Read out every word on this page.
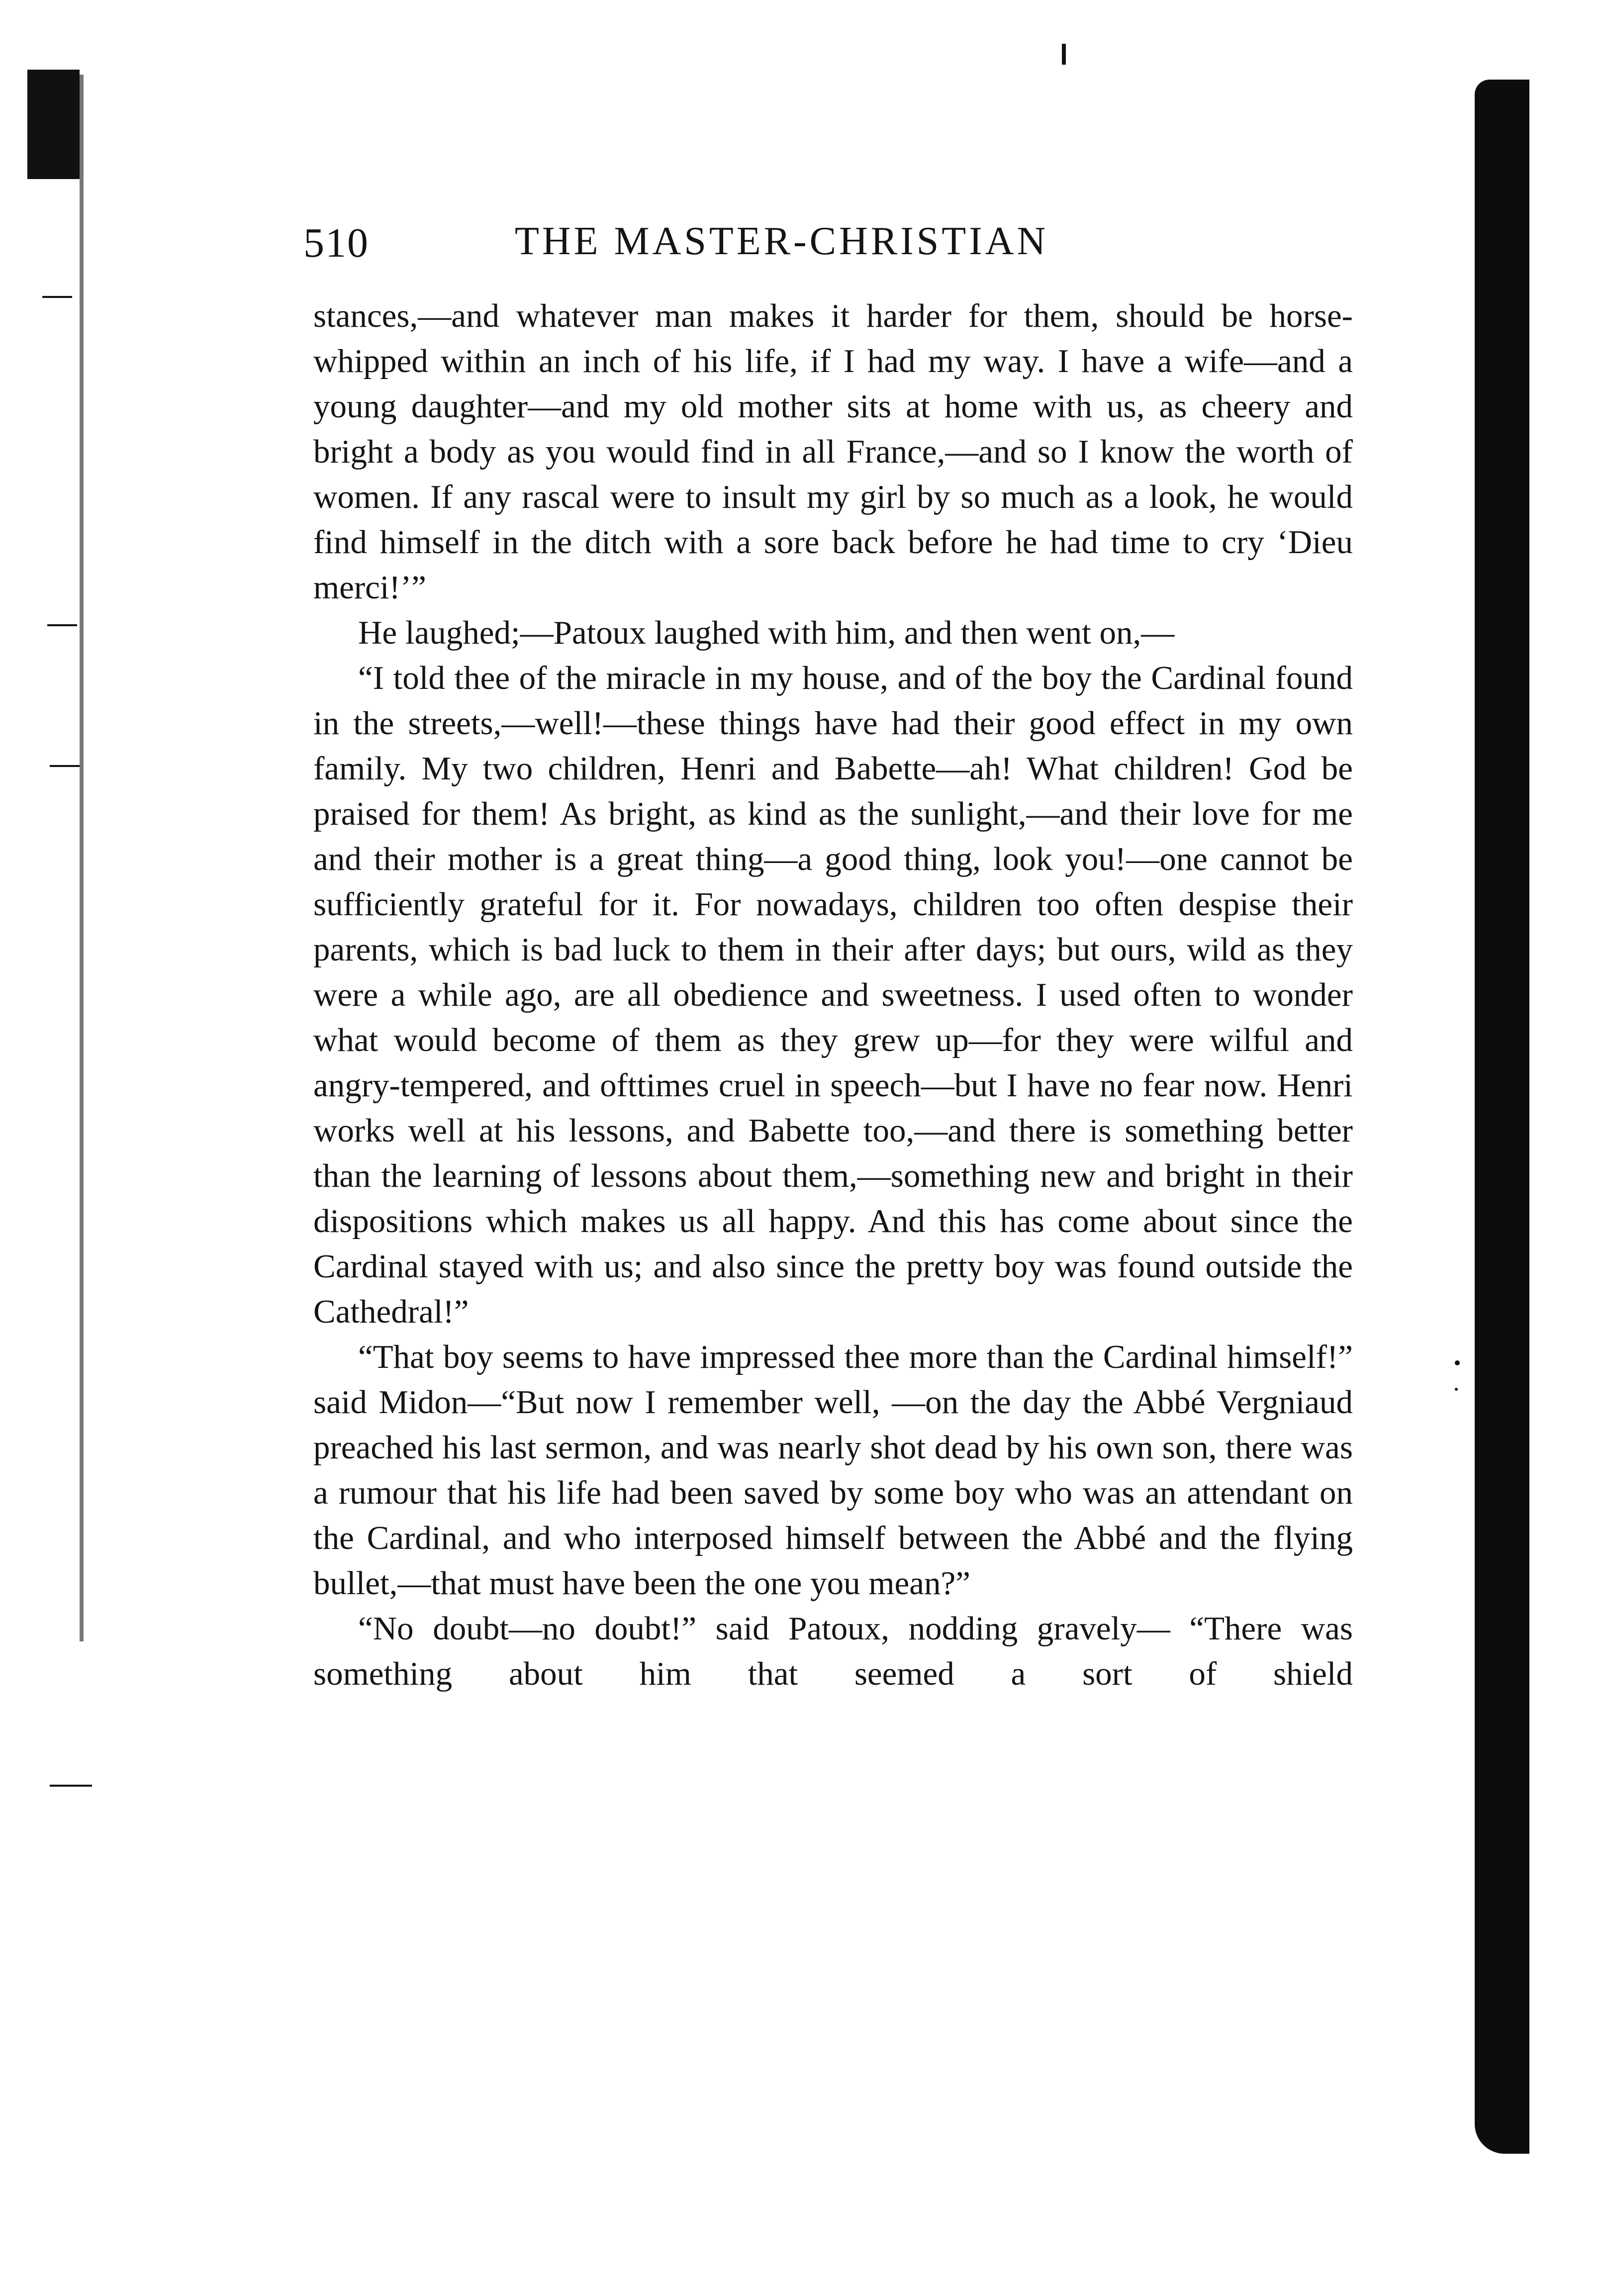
510	THE MASTER-CHRISTIAN

stances,—and whatever man makes it harder for them, should be horse-whipped within an inch of his life, if I had my way. I have a wife—and a young daughter—and my old mother sits at home with us, as cheery and bright a body as you would find in all France,—and so I know the worth of women. If any rascal were to insult my girl by so much as a look, he would find himself in the ditch with a sore back before he had time to cry ‘Dieu merci!’”

He laughed;—Patoux laughed with him, and then went on,—

“I told thee of the miracle in my house, and of the boy the Cardinal found in the streets,—well!—these things have had their good effect in my own family. My two children, Henri and Babette—ah! What children! God be praised for them! As bright, as kind as the sunlight,—and their love for me and their mother is a great thing—a good thing, look you!—one cannot be sufficiently grateful for it. For nowadays, children too often despise their parents, which is bad luck to them in their after days; but ours, wild as they were a while ago, are all obedience and sweetness. I used often to wonder what would become of them as they grew up—for they were wilful and angry-tempered, and ofttimes cruel in speech—but I have no fear now. Henri works well at his lessons, and Babette too,—and there is something better than the learning of lessons about them,—something new and bright in their dispositions which makes us all happy. And this has come about since the Cardinal stayed with us; and also since the pretty boy was found outside the Cathedral!”

“That boy seems to have impressed thee more than the Cardinal himself!” said Midon—“But now I remember well, —on the day the Abbé Vergniaud preached his last sermon, and was nearly shot dead by his own son, there was a rumour that his life had been saved by some boy who was an attendant on the Cardinal, and who interposed himself between the Abbé and the flying bullet,—that must have been the one you mean?”

“No doubt—no doubt!” said Patoux, nodding gravely— “There was something about him that seemed a sort of shield
